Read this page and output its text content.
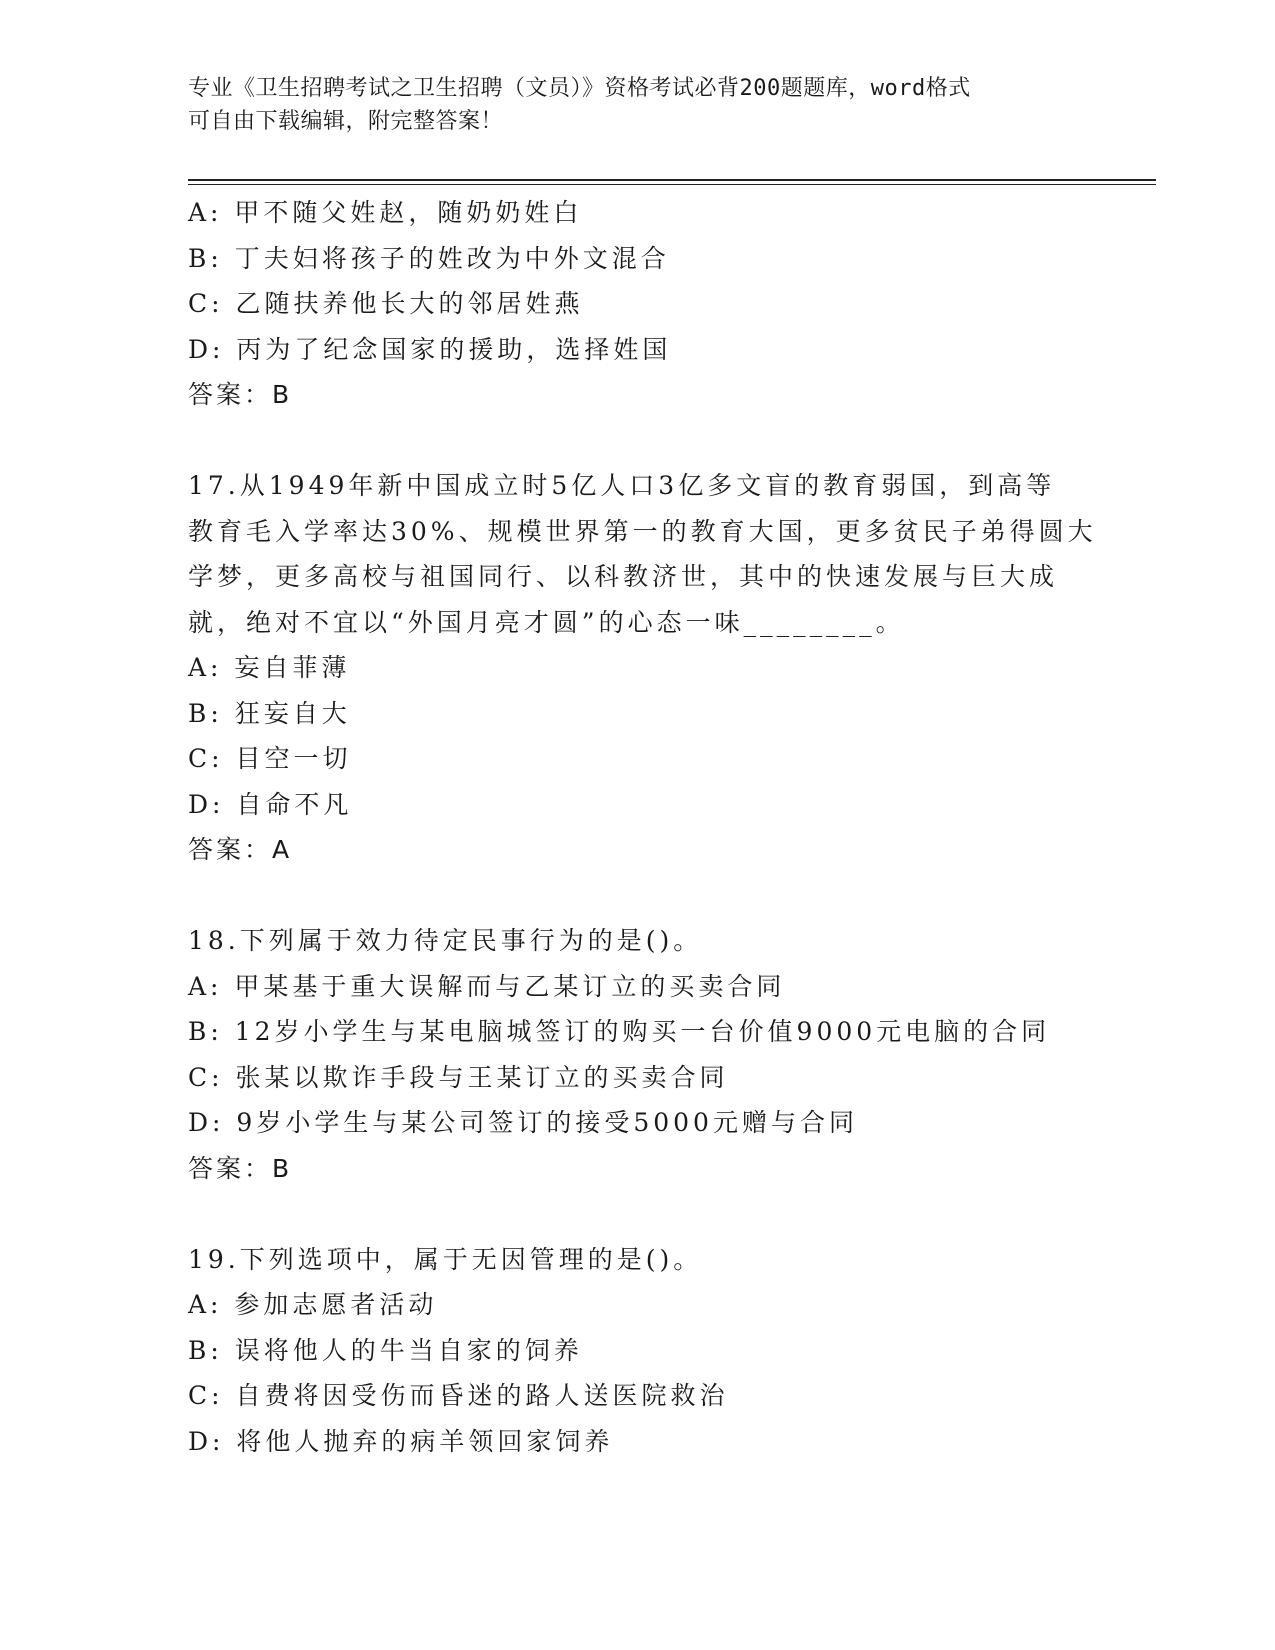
专业《卫生招聘考试之卫生招聘（文员）》资格考试必背200题题库，word格式
可自由下载编辑，附完整答案！
A: 甲不随父姓赵，随奶奶姓白
B: 丁夫妇将孩子的姓改为中外文混合
C: 乙随扶养他长大的邻居姓燕
D: 丙为了纪念国家的援助，选择姓国
答案：B
17.从1949年新中国成立时5亿人口3亿多文盲的教育弱国，到高等
教育毛入学率达30%、规模世界第一的教育大国，更多贫民子弟得圆大
学梦，更多高校与祖国同行、以科教济世，其中的快速发展与巨大成
就，绝对不宜以“外国月亮才圆”的心态一味________。
A: 妄自菲薄
B: 狂妄自大
C: 目空一切
D: 自命不凡
答案：A
18.下列属于效力待定民事行为的是()。
A: 甲某基于重大误解而与乙某订立的买卖合同
B: 12岁小学生与某电脑城签订的购买一台价值9000元电脑的合同
C: 张某以欺诈手段与王某订立的买卖合同
D: 9岁小学生与某公司签订的接受5000元赠与合同
答案：B
19.下列选项中，属于无因管理的是()。
A: 参加志愿者活动
B: 误将他人的牛当自家的饲养
C: 自费将因受伤而昏迷的路人送医院救治
D: 将他人抛弃的病羊领回家饲养
